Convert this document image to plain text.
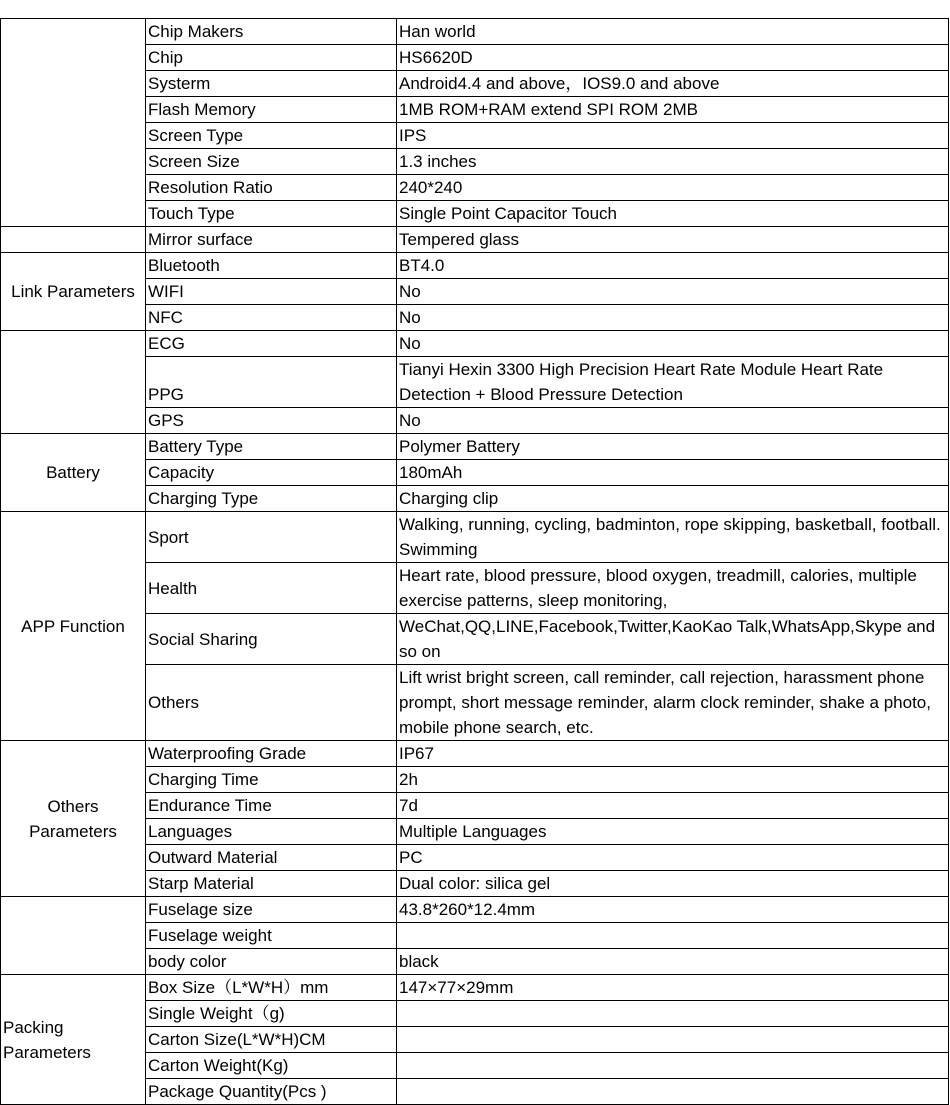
	Chip Makers	Han world
	Chip	HS6620D
	Systerm	Android4.4 and above，IOS9.0 and above
	Flash Memory	1MB ROM+RAM extend SPI ROM 2MB
	Screen Type	IPS
	Screen Size	1.3 inches
	Resolution Ratio	240*240
	Touch Type	Single Point Capacitor Touch
	Mirror surface	Tempered glass
Link Parameters	Bluetooth	BT4.0
	WIFI	No
	NFC	No
	ECG	No
	PPG	Tianyi Hexin 3300 High Precision Heart Rate Module Heart Rate Detection + Blood Pressure Detection
	GPS	No
Battery	Battery Type	Polymer Battery
	Capacity	180mAh
	Charging Type	Charging clip
APP Function	Sport	Walking, running, cycling, badminton, rope skipping, basketball, football. Swimming
	Health	Heart rate, blood pressure, blood oxygen, treadmill, calories, multiple exercise patterns, sleep monitoring,
	Social Sharing	WeChat,QQ,LINE,Facebook,Twitter,KaoKao Talk,WhatsApp,Skype and so on
	Others	Lift wrist bright screen, call reminder, call rejection, harassment phone prompt, short message reminder, alarm clock reminder, shake a photo, mobile phone search, etc.

Others
Parameters	Waterproofing Grade	IP67
	Charging Time	2h
	Endurance Time	7d
	Languages	Multiple Languages
	Outward Material	PC
	Starp Material	Dual color: silica gel
	Fuselage size	43.8*260*12.4mm
	Fuselage weight	
	body color	black

Packing
Parameters	Box Size（L*W*H）mm	147×77×29mm
	Single Weight（g)	
	Carton Size(L*W*H)CM	
	Carton Weight(Kg)	
	Package Quantity(Pcs )	
